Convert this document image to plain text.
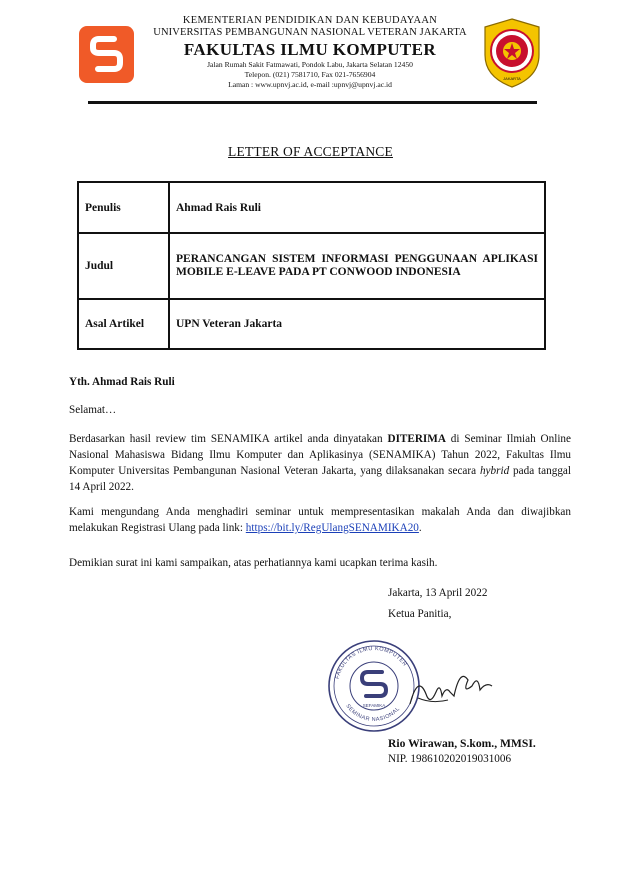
KEMENTERIAN PENDIDIKAN DAN KEBUDAYAAN
UNIVERSITAS PEMBANGUNAN NASIONAL VETERAN JAKARTA
FAKULTAS ILMU KOMPUTER
Jalan Rumah Sakit Fatmawati, Pondok Labu, Jakarta Selatan 12450
Telepon. (021) 7581710, Fax 021-7656904
Laman : www.upnvj.ac.id, e-mail :upnvj@upnvj.ac.id
JAKARTA
LETTER OF ACCEPTANCE
Penulis	Ahmad Rais Ruli
Judul	PERANCANGAN SISTEM INFORMASI PENGGUNAAN APLIKASI MOBILE E-LEAVE PADA PT CONWOOD INDONESIA
Asal Artikel	UPN Veteran Jakarta

Yth. Ahmad Rais Ruli

Selamat…

Berdasarkan hasil review tim SENAMIKA artikel anda dinyatakan DITERIMA di Seminar Ilmiah Online Nasional Mahasiswa Bidang Ilmu Komputer dan Aplikasinya (SENAMIKA) Tahun 2022, Fakultas Ilmu Komputer Universitas Pembangunan Nasional Veteran Jakarta, yang dilaksanakan secara hybrid pada tanggal 14 April 2022.

Kami mengundang Anda menghadiri seminar untuk mempresentasikan makalah Anda dan diwajibkan melakukan Registrasi Ulang pada link: https://bit.ly/RegUlangSENAMIKA20.

Demikian surat ini kami sampaikan, atas perhatiannya kami ucapkan terima kasih.

Jakarta, 13 April 2022
Ketua Panitia,
FAKULTAS ILMU KOMPUTER
SEMINAR NASIONAL
SEFAMIKA
Rio Wirawan, S.kom., MMSI.
NIP. 198610202019031006
